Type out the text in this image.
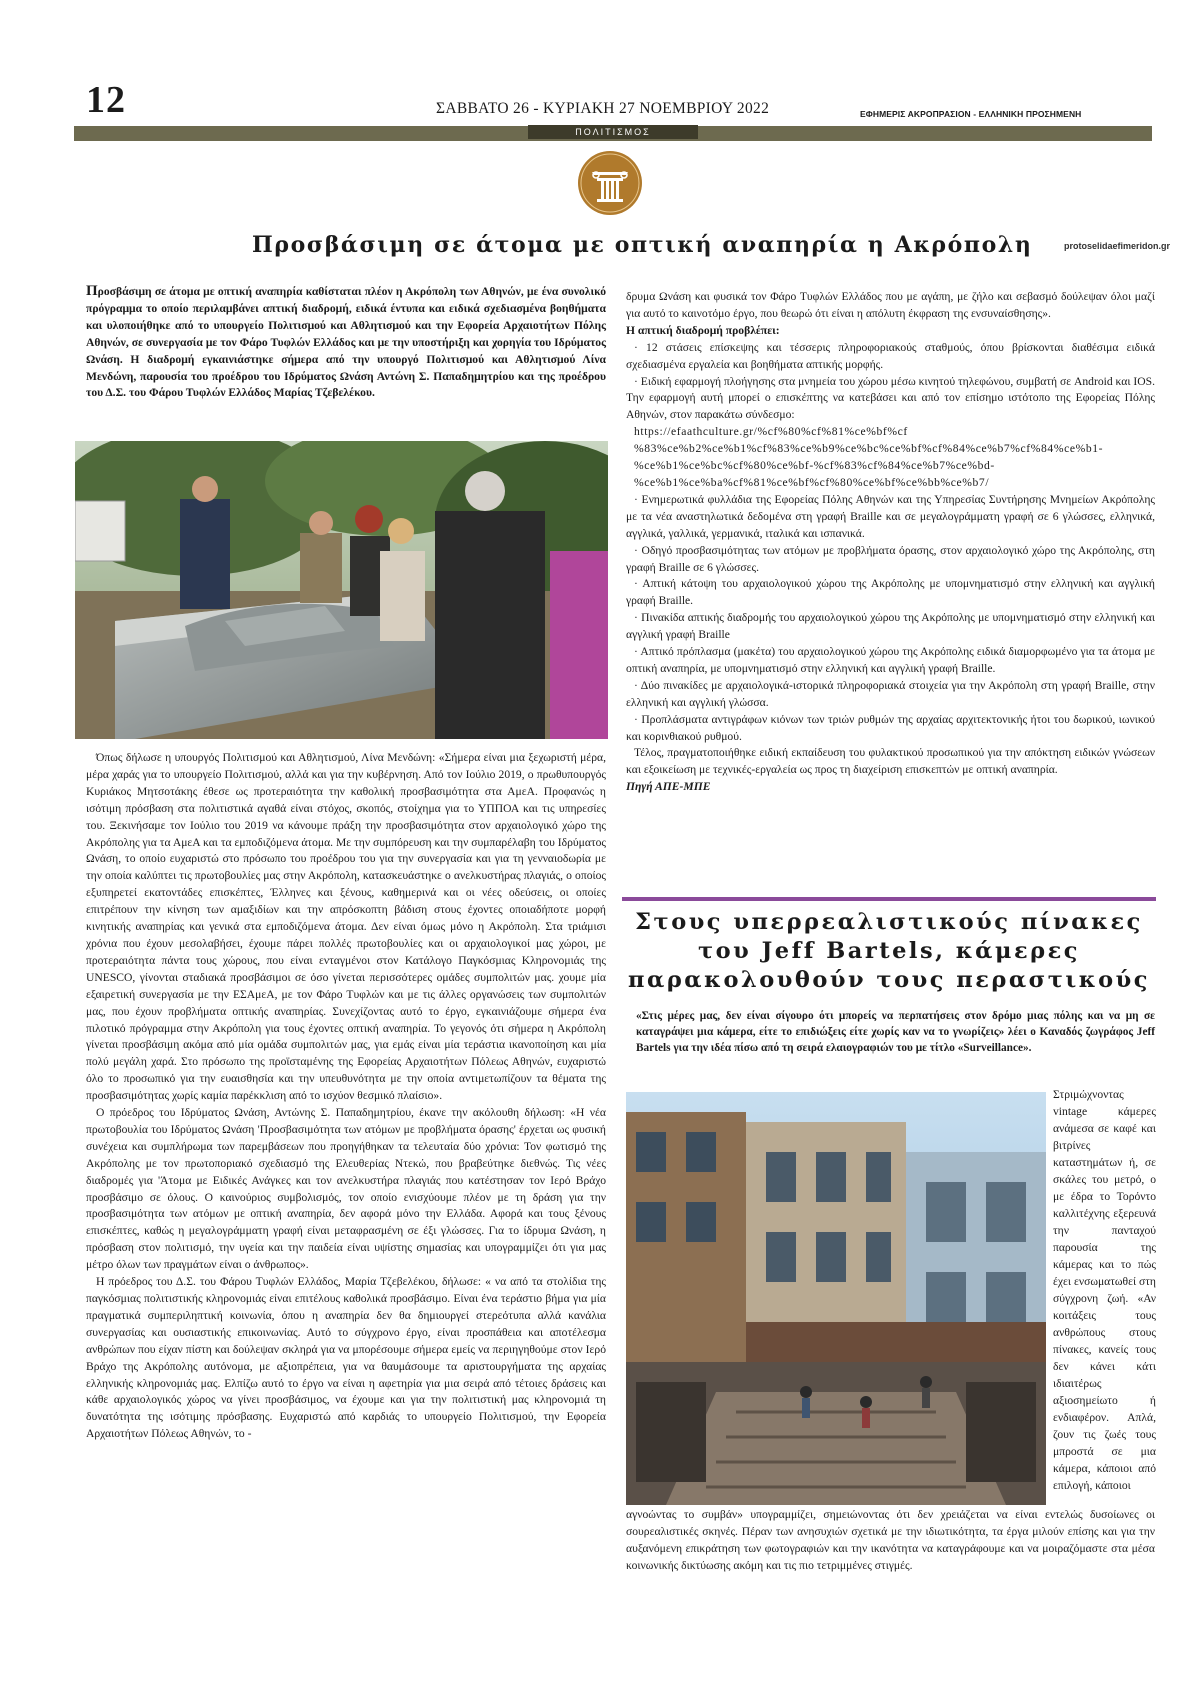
12	ΣΑΒΒΑΤΟ 26 - ΚΥΡΙΑΚΗ 27 ΝΟΕΜΒΡΙΟΥ 2022	ΕΦΗΜΕΡΙΣ ΑΚΡΟΠΡΑΣΙΟΝ - ΕΛΛΗΝΙΚΗ ΠΡΟΣΗΜΕΝΗ
ΠΟΛΙΤΙΣΜΟΣ
Προσβάσιμη σε άτομα με οπτική αναπηρία η Ακρόπολη	protoselidaefimeridon.gr
Προσβάσιμη σε άτομα με οπτική αναπηρία καθίσταται πλέον η Ακρόπολη των Αθηνών, με ένα συνολικό πρόγραμμα το οποίο περιλαμβάνει απτική διαδρομή, ειδικά έντυπα και ειδικά σχεδιασμένα βοηθήματα και υλοποιήθηκε από το υπουργείο Πολιτισμού και Αθλητισμού και την Εφορεία Αρχαιοτήτων Πόλης Αθηνών, σε συνεργασία με τον Φάρο Τυφλών Ελλάδος και με την υποστήριξη και χορηγία του Ιδρύματος Ωνάση. Η διαδρομή εγκαινιάστηκε σήμερα από την υπουργό Πολιτισμού και Αθλητισμού Λίνα Μενδώνη, παρουσία του προέδρου του Ιδρύματος Ωνάση Αντώνη Σ. Παπαδημητρίου και της προέδρου του Δ.Σ. του Φάρου Τυφλών Ελλάδος Μαρίας Τζεβελέκου.

Όπως δήλωσε η υπουργός Πολιτισμού και Αθλητισμού, Λίνα Μενδώνη: «Σήμερα είναι μια ξεχωριστή μέρα, μέρα χαράς για το υπουργείο Πολιτισμού, αλλά και για την κυβέρνηση. Από τον Ιούλιο 2019, ο πρωθυπουργός Κυριάκος Μητσοτάκης έθεσε ως προτεραιότητα την καθολική προσβασιμότητα στα ΑμεΑ. Προφανώς η ισότιμη πρόσβαση στα πολιτιστικά αγαθά είναι στόχος, σκοπός, στοίχημα για το ΥΠΠΟΑ και τις υπηρεσίες του. Ξεκινήσαμε τον Ιούλιο του 2019 να κάνουμε πράξη την προσβασιμότητα στον αρχαιολογικό χώρο της Ακρόπολης για τα ΑμεΑ και τα εμποδιζόμενα άτομα. Με την συμπόρευση και την συμπαρέλαβη του Ιδρύματος Ωνάση, το οποίο ευχαριστώ στο πρόσωπο του προέδρου του για την συνεργασία και για τη γενναιοδωρία με την οποία καλύπτει τις πρωτοβουλίες μας στην Ακρόπολη, κατασκευάστηκε ο ανελκυστήρας πλαγιάς, ο οποίος εξυπηρετεί εκατοντάδες επισκέπτες, Έλληνες και ξένους, καθημερινά και οι νέες οδεύσεις, οι οποίες επιτρέπουν την κίνηση των αμαξιδίων και την απρόσκοπτη βάδιση στους έχοντες οποιαδήποτε μορφή κινητικής αναπηρίας και γενικά στα εμποδιζόμενα άτομα. Δεν είναι όμως μόνο η Ακρόπολη. Στα τριάμισι χρόνια που έχουν μεσολαβήσει, έχουμε πάρει πολλές πρωτοβουλίες και οι αρχαιολογικοί μας χώροι, με προτεραιότητα πάντα τους χώρους, που είναι ενταγμένοι στον Κατάλογο Παγκόσμιας Κληρονομιάς της UNESCO, γίνονται σταδιακά προσβάσιμοι σε όσο γίνεται περισσότερες ομάδες συμπολιτών μας. χουμε μία εξαιρετική συνεργασία με την ΕΣΑμεΑ, με τον Φάρο Τυφλών και με τις άλλες οργανώσεις των συμπολιτών μας, που έχουν προβλήματα οπτικής αναπηρίας. Συνεχίζοντας αυτό το έργο, εγκαινιάζουμε σήμερα ένα πιλοτικό πρόγραμμα στην Ακρόπολη για τους έχοντες οπτική αναπηρία. Το γεγονός ότι σήμερα η Ακρόπολη γίνεται προσβάσιμη ακόμα από μία ομάδα συμπολιτών μας, για εμάς είναι μία τεράστια ικανοποίηση και μία πολύ μεγάλη χαρά. Στο πρόσωπο της προϊσταμένης της Εφορείας Αρχαιοτήτων Πόλεως Αθηνών, ευχαριστώ όλο το προσωπικό για την ευαισθησία και την υπευθυνότητα με την οποία αντιμετωπίζουν τα θέματα της προσβασιμότητας χωρίς καμία παρέκκλιση από το ισχύον θεσμικό πλαίσιο».

Ο πρόεδρος του Ιδρύματος Ωνάση, Αντώνης Σ. Παπαδημητρίου, έκανε την ακόλουθη δήλωση: «Η νέα πρωτοβουλία του Ιδρύματος Ωνάση 'Προσβασιμότητα των ατόμων με προβλήματα όρασης' έρχεται ως φυσική συνέχεια και συμπλήρωμα των παρεμβάσεων που προηγήθηκαν τα τελευταία δύο χρόνια: Τον φωτισμό της Ακρόπολης με τον πρωτοποριακό σχεδιασμό της Ελευθερίας Ντεκώ, που βραβεύτηκε διεθνώς. Τις νέες διαδρομές για 'Άτομα με Ειδικές Ανάγκες και τον ανελκυστήρα πλαγιάς που κατέστησαν τον Ιερό Βράχο προσβάσιμο σε όλους. Ο καινούριος συμβολισμός, τον οποίο ενισχύουμε πλέον με τη δράση για την προσβασιμότητα των ατόμων με οπτική αναπηρία, δεν αφορά μόνο την Ελλάδα. Αφορά και τους ξένους επισκέπτες, καθώς η μεγαλογράμματη γραφή είναι μεταφρασμένη σε έξι γλώσσες. Για το ίδρυμα Ωνάση, η πρόσβαση στον πολιτισμό, την υγεία και την παιδεία είναι υψίστης σημασίας και υπογραμμίζει ότι για μας μέτρο όλων των πραγμάτων είναι ο άνθρωπος».

Η πρόεδρος του Δ.Σ. του Φάρου Τυφλών Ελλάδος, Μαρία Τζεβελέκου, δήλωσε: « να από τα στολίδια της παγκόσμιας πολιτιστικής κληρονομιάς είναι επιτέλους καθολικά προσβάσιμο. Είναι ένα τεράστιο βήμα για μία πραγματικά συμπεριληπτική κοινωνία, όπου η αναπηρία δεν θα δημιουργεί στερεότυπα αλλά κανάλια συνεργασίας και ουσιαστικής επικοινωνίας. Αυτό το σύγχρονο έργο, είναι προσπάθεια και αποτέλεσμα ανθρώπων που είχαν πίστη και δούλεψαν σκληρά για να μπορέσουμε σήμερα εμείς να περιηγηθούμε στον Ιερό Βράχο της Ακρόπολης αυτόνομα, με αξιοπρέπεια, για να θαυμάσουμε τα αριστουργήματα της αρχαίας ελληνικής κληρονομιάς μας. Ελπίζω αυτό το έργο να είναι η αφετηρία για μια σειρά από τέτοιες δράσεις και κάθε αρχαιολογικός χώρος να γίνει προσβάσιμος, να έχουμε και για την πολιτιστική μας κληρονομιά τη δυνατότητα της ισότιμης πρόσβασης. Ευχαριστώ από καρδιάς το υπουργείο Πολιτισμού, την Εφορεία Αρχαιοτήτων Πόλεως Αθηνών, το -

δρυμα Ωνάση και φυσικά τον Φάρο Τυφλών Ελλάδος που με αγάπη, με ζήλο και σεβασμό δούλεψαν όλοι μαζί για αυτό το καινοτόμο έργο, που θεωρώ ότι είναι η απόλυτη έκφραση της ενσυναίσθησης».

Η απτική διαδρομή προβλέπει:

· 12 στάσεις επίσκεψης και τέσσερις πληροφοριακούς σταθμούς, όπου βρίσκονται διαθέσιμα ειδικά σχεδιασμένα εργαλεία και βοηθήματα απτικής μορφής.

· Ειδική εφαρμογή πλοήγησης στα μνημεία του χώρου μέσω κινητού τηλεφώνου, συμβατή σε Android και IOS. Την εφαρμογή αυτή μπορεί ο επισκέπτης να κατεβάσει και από τον επίσημο ιστότοπο της Εφορείας Πόλης Αθηνών, στον παρακάτω σύνδεσμο:

https://efaathculture.gr/%cf%80%cf%81%ce%bf%cf

%83%ce%b2%ce%b1%cf%83%ce%b9%ce%bc%ce%bf%cf%84%ce%b7%cf%84%ce%b1-

%ce%b1%ce%bc%cf%80%ce%bf-%cf%83%cf%84%ce%b7%ce%bd-

%ce%b1%ce%ba%cf%81%ce%bf%cf%80%ce%bf%ce%bb%ce%b7/

· Ενημερωτικά φυλλάδια της Εφορείας Πόλης Αθηνών και της Υπηρεσίας Συντήρησης Μνημείων Ακρόπολης με τα νέα αναστηλωτικά δεδομένα στη γραφή Braille και σε μεγαλογράμματη γραφή σε 6 γλώσσες, ελληνικά, αγγλικά, γαλλικά, γερμανικά, ιταλικά και ισπανικά.

· Οδηγό προσβασιμότητας των ατόμων με προβλήματα όρασης, στον αρχαιολογικό χώρο της Ακρόπολης, στη γραφή Braille σε 6 γλώσσες.

· Απτική κάτοψη του αρχαιολογικού χώρου της Ακρόπολης με υπομνηματισμό στην ελληνική και αγγλική γραφή Braille.

· Πινακίδα απτικής διαδρομής του αρχαιολογικού χώρου της Ακρόπολης με υπομνηματισμό στην ελληνική και αγγλική γραφή Braille

· Απτικό πρόπλασμα (μακέτα) του αρχαιολογικού χώρου της Ακρόπολης ειδικά διαμορφωμένο για τα άτομα με οπτική αναπηρία, με υπομνηματισμό στην ελληνική και αγγλική γραφή Braille.

· Δύο πινακίδες με αρχαιολογικά-ιστορικά πληροφοριακά στοιχεία για την Ακρόπολη στη γραφή Braille, στην ελληνική και αγγλική γλώσσα.

· Προπλάσματα αντιγράφων κιόνων των τριών ρυθμών της αρχαίας αρχιτεκτονικής ήτοι του δωρικού, ιωνικού και κορινθιακού ρυθμού.

Τέλος, πραγματοποιήθηκε ειδική εκπαίδευση του φυλακτικού προσωπικού για την απόκτηση ειδικών γνώσεων και εξοικείωση με τεχνικές-εργαλεία ως προς τη διαχείριση επισκεπτών με οπτική αναπηρία.

Πηγή ΑΠΕ-ΜΠΕ

Στους υπερρεαλιστικούς πίνακες
του Jeff Bartels, κάμερες
παρακολουθούν τους περαστικούς
«Στις μέρες μας, δεν είναι σίγουρο ότι μπορείς να περπατήσεις στον δρόμο μιας πόλης και να μη σε καταγράψει μια κάμερα, είτε το επιδιώξεις είτε χωρίς καν να το γνωρίζεις» λέει ο Καναδός ζωγράφος Jeff Bartels για την ιδέα πίσω από τη σειρά ελαιογραφιών του με τίτλο «Surveillance».

Στριμώχνοντας vintage κάμερες ανάμεσα σε καφέ και βιτρίνες καταστημάτων ή, σε σκάλες του μετρό, ο με έδρα το Τορόντο καλλιτέχνης εξερευνά την πανταχού παρουσία της κάμερας και το πώς έχει ενσωματωθεί στη σύγχρονη ζωή. «Αν κοιτάξεις τους ανθρώπους στους πίνακες, κανείς τους δεν κάνει κάτι ιδιαιτέρως αξιοσημείωτο ή ενδιαφέρον. Απλά, ζουν τις ζωές τους μπροστά σε μια κάμερα, κάποιοι από επιλογή, κάποιοι

αγνοώντας το συμβάν» υπογραμμίζει, σημειώνοντας ότι δεν χρειάζεται να είναι εντελώς δυσοίωνες οι σουρεαλιστικές σκηνές. Πέραν των ανησυχιών σχετικά με την ιδιωτικότητα, τα έργα μιλούν επίσης και για την αυξανόμενη επικράτηση των φωτογραφιών και την ικανότητα να καταγράφουμε και να μοιραζόμαστε στα μέσα κοινωνικής δικτύωσης ακόμη και τις πιο τετριμμένες στιγμές.
